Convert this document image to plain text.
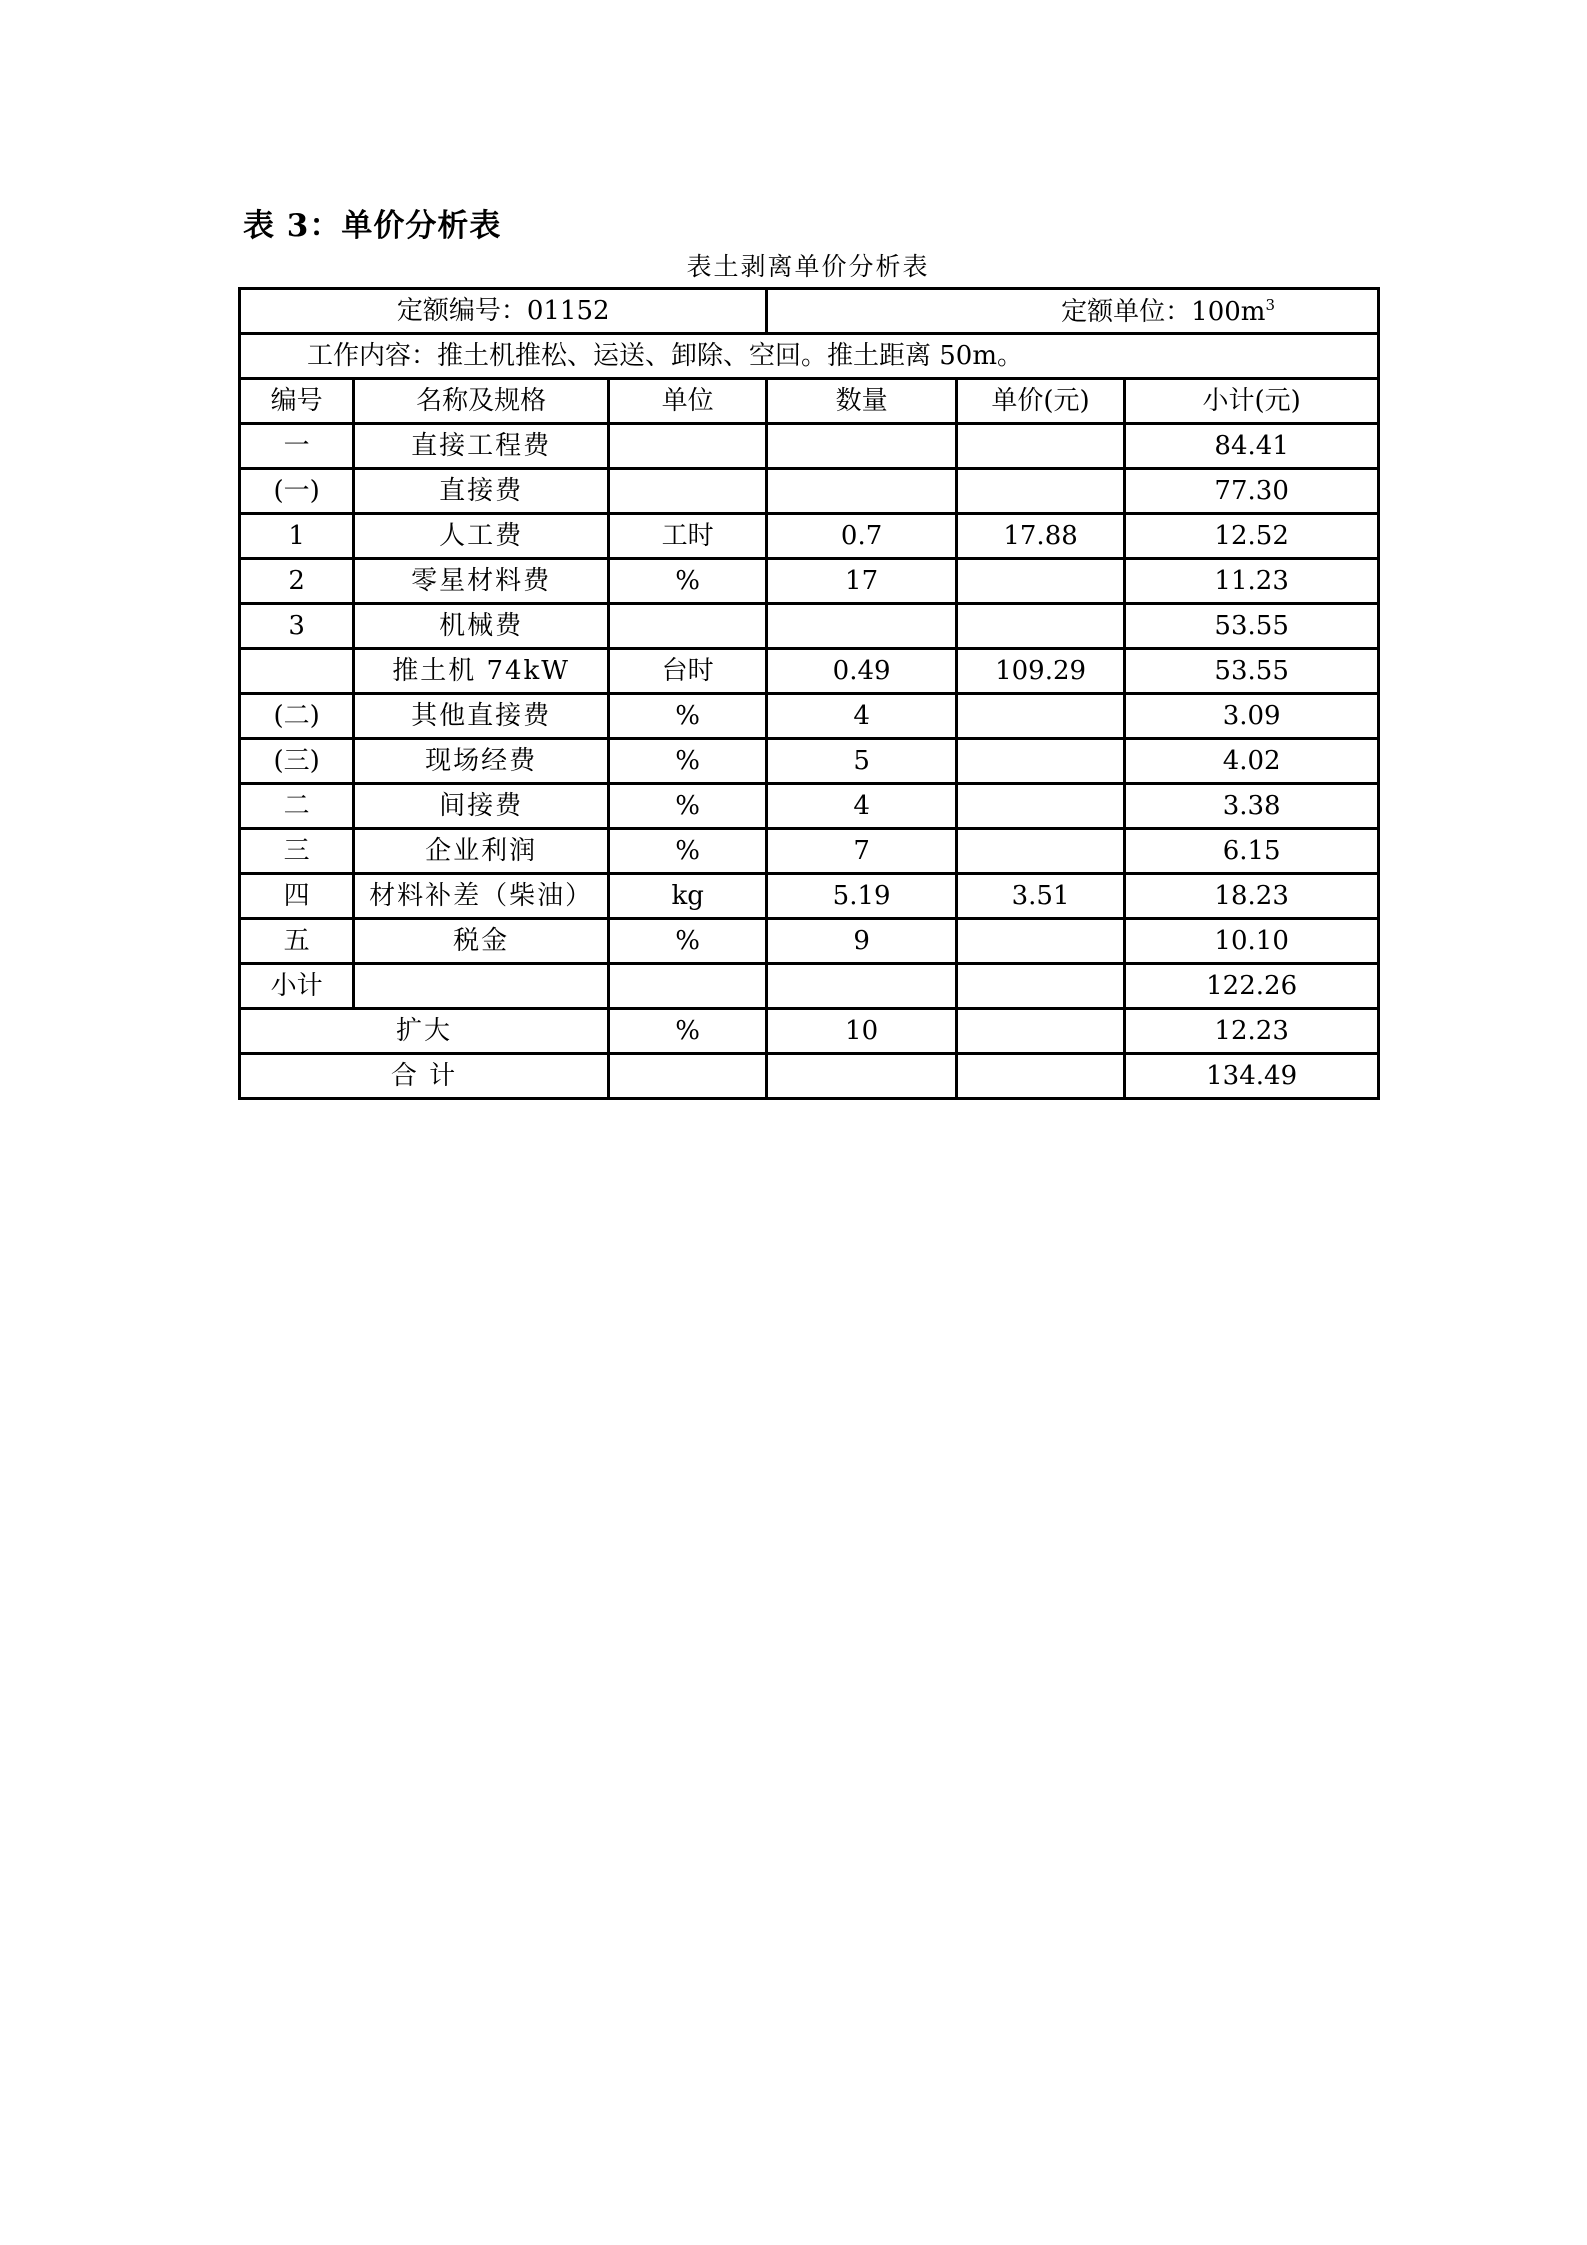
表 3：单价分析表
表土剥离单价分析表
定额编号：01152			定额单位：$100m^3$
工作内容：推土机推松、运送、卸除、空回。推土距离 50m。					
编号	名称及规格	单位	数量	单价(元)	小计(元)
一	直接工程费				84.41
(一)	直接费				77.30
1	人工费	工时	0.7	17.88	12.52
2	零星材料费	%	17		11.23
3	机械费				53.55
	推土机 74kW	台时	0.49	109.29	53.55
(二)	其他直接费	%	4		3.09
(三)	现场经费	%	5		4.02
二	间接费	%	4		3.38
三	企业利润	%	7		6.15
四	材料补差（柴油）	kg	5.19	3.51	18.23
五	税金	%	9		10.10
小计					122.26
扩大		%	10		12.23
合 计					134.49
